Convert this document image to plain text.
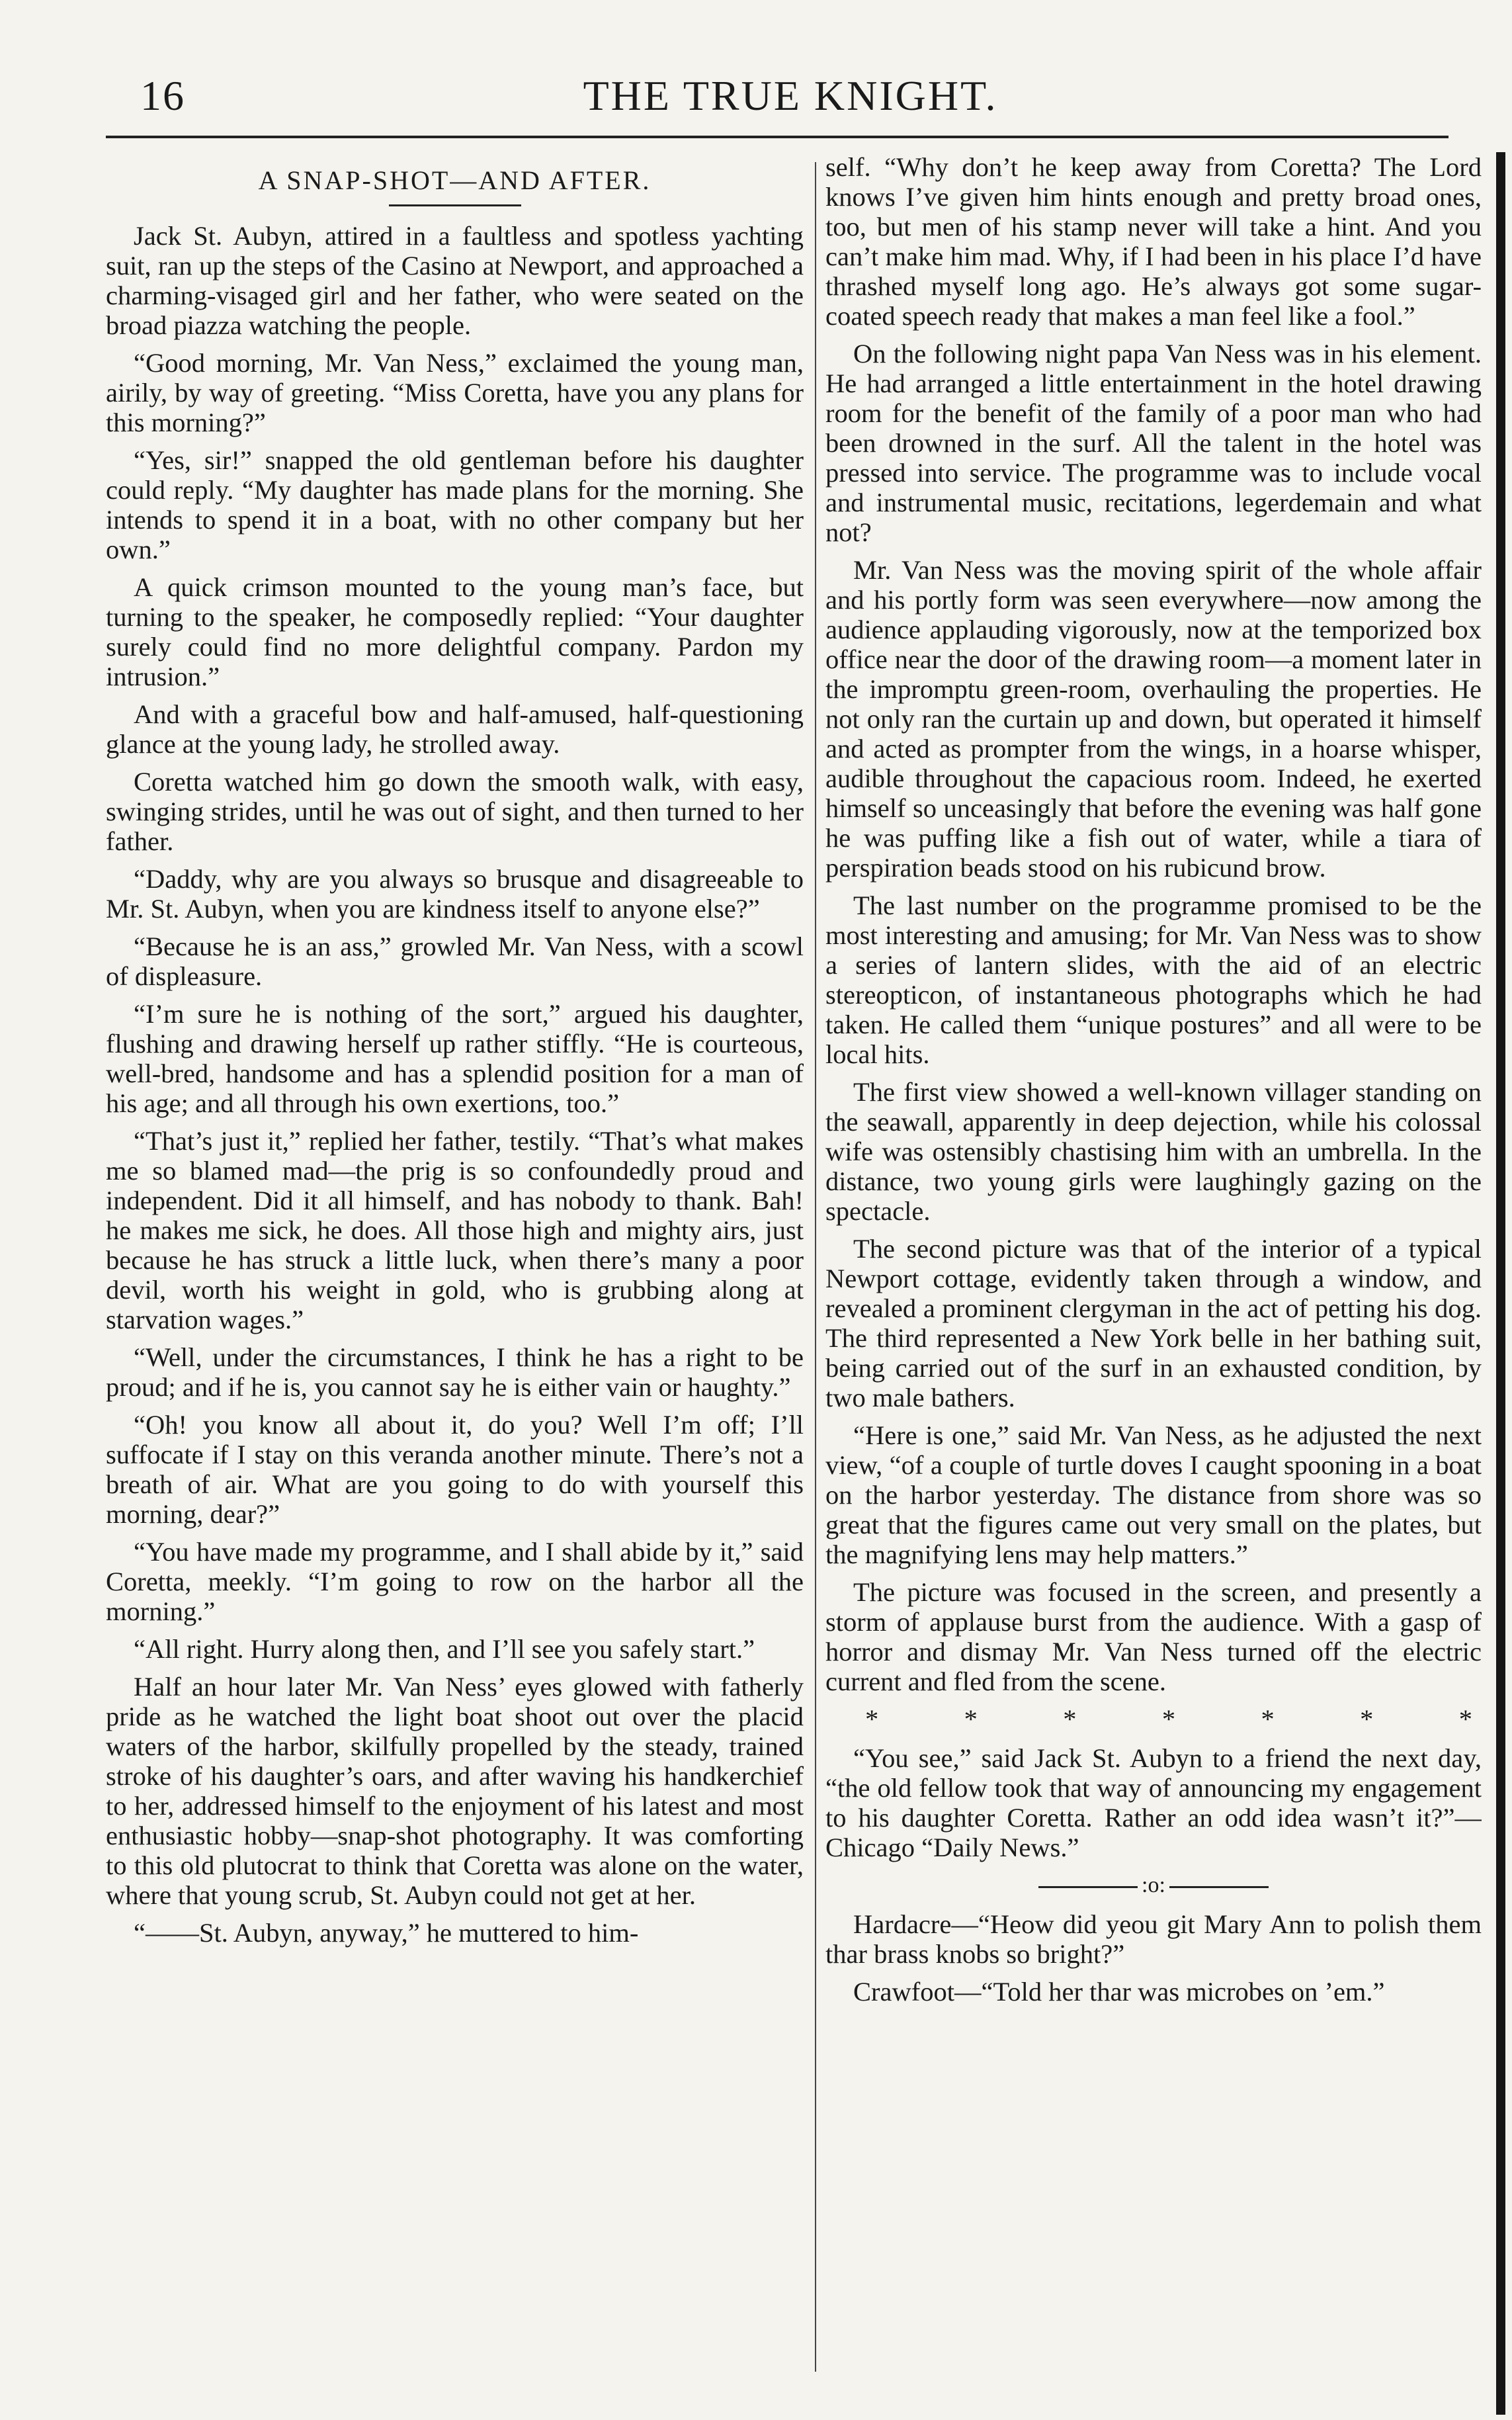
16	THE TRUE KNIGHT.
A SNAP-SHOT—AND AFTER.

Jack St. Aubyn, attired in a faultless and spotless yachting suit, ran up the steps of the Casino at Newport, and approached a charming-visaged girl and her father, who were seated on the broad piazza watching the people.

“Good morning, Mr. Van Ness,” exclaimed the young man, airily, by way of greeting. “Miss Coretta, have you any plans for this morning?”

“Yes, sir!” snapped the old gentleman before his daughter could reply. “My daughter has made plans for the morning. She intends to spend it in a boat, with no other company but her own.”

A quick crimson mounted to the young man’s face, but turning to the speaker, he composedly replied: “Your daughter surely could find no more delightful company. Pardon my intrusion.”

And with a graceful bow and half-amused, half-questioning glance at the young lady, he strolled away.

Coretta watched him go down the smooth walk, with easy, swinging strides, until he was out of sight, and then turned to her father.

“Daddy, why are you always so brusque and disagreeable to Mr. St. Aubyn, when you are kindness itself to anyone else?”

“Because he is an ass,” growled Mr. Van Ness, with a scowl of displeasure.

“I’m sure he is nothing of the sort,” argued his daughter, flushing and drawing herself up rather stiffly. “He is courteous, well-bred, handsome and has a splendid position for a man of his age; and all through his own exertions, too.”

“That’s just it,” replied her father, testily. “That’s what makes me so blamed mad—the prig is so confoundedly proud and independent. Did it all himself, and has nobody to thank. Bah! he makes me sick, he does. All those high and mighty airs, just because he has struck a little luck, when there’s many a poor devil, worth his weight in gold, who is grubbing along at starvation wages.”

“Well, under the circumstances, I think he has a right to be proud; and if he is, you cannot say he is either vain or haughty.”

“Oh! you know all about it, do you? Well I’m off; I’ll suffocate if I stay on this veranda another minute. There’s not a breath of air. What are you going to do with yourself this morning, dear?”

“You have made my programme, and I shall abide by it,” said Coretta, meekly. “I’m going to row on the harbor all the morning.”

“All right. Hurry along then, and I’ll see you safely start.”

Half an hour later Mr. Van Ness’ eyes glowed with fatherly pride as he watched the light boat shoot out over the placid waters of the harbor, skilfully propelled by the steady, trained stroke of his daughter’s oars, and after waving his handkerchief to her, addressed himself to the enjoyment of his latest and most enthusiastic hobby—snap-shot photography. It was comforting to this old plutocrat to think that Coretta was alone on the water, where that young scrub, St. Aubyn could not get at her.

“——St. Aubyn, anyway,” he muttered to him-

self. “Why don’t he keep away from Coretta? The Lord knows I’ve given him hints enough and pretty broad ones, too, but men of his stamp never will take a hint. And you can’t make him mad. Why, if I had been in his place I’d have thrashed myself long ago. He’s always got some sugar-coated speech ready that makes a man feel like a fool.”

On the following night papa Van Ness was in his element. He had arranged a little entertainment in the hotel drawing room for the benefit of the family of a poor man who had been drowned in the surf. All the talent in the hotel was pressed into service. The programme was to include vocal and instrumental music, recitations, legerdemain and what not?

Mr. Van Ness was the moving spirit of the whole affair and his portly form was seen everywhere—now among the audience applauding vigorously, now at the temporized box office near the door of the drawing room—a moment later in the impromptu green-room, overhauling the properties. He not only ran the curtain up and down, but operated it himself and acted as prompter from the wings, in a hoarse whisper, audible throughout the capacious room. Indeed, he exerted himself so unceasingly that before the evening was half gone he was puffing like a fish out of water, while a tiara of perspiration beads stood on his rubicund brow.

The last number on the programme promised to be the most interesting and amusing; for Mr. Van Ness was to show a series of lantern slides, with the aid of an electric stereopticon, of instantaneous photographs which he had taken. He called them “unique postures” and all were to be local hits.

The first view showed a well-known villager standing on the seawall, apparently in deep dejection, while his colossal wife was ostensibly chastising him with an umbrella. In the distance, two young girls were laughingly gazing on the spectacle.

The second picture was that of the interior of a typical Newport cottage, evidently taken through a window, and revealed a prominent clergyman in the act of petting his dog. The third represented a New York belle in her bathing suit, being carried out of the surf in an exhausted condition, by two male bathers.

“Here is one,” said Mr. Van Ness, as he adjusted the next view, “of a couple of turtle doves I caught spooning in a boat on the harbor yesterday. The distance from shore was so great that the figures came out very small on the plates, but the magnifying lens may help matters.”

The picture was focused in the screen, and presently a storm of applause burst from the audience. With a gasp of horror and dismay Mr. Van Ness turned off the electric current and fled from the scene.

*	*	*	*	*	*	*

“You see,” said Jack St. Aubyn to a friend the next day, “the old fellow took that way of announcing my engagement to his daughter Coretta. Rather an odd idea wasn’t it?”—Chicago “Daily News.”

:o:

Hardacre—“Heow did yeou git Mary Ann to polish them thar brass knobs so bright?”

Crawfoot—“Told her thar was microbes on ’em.”
